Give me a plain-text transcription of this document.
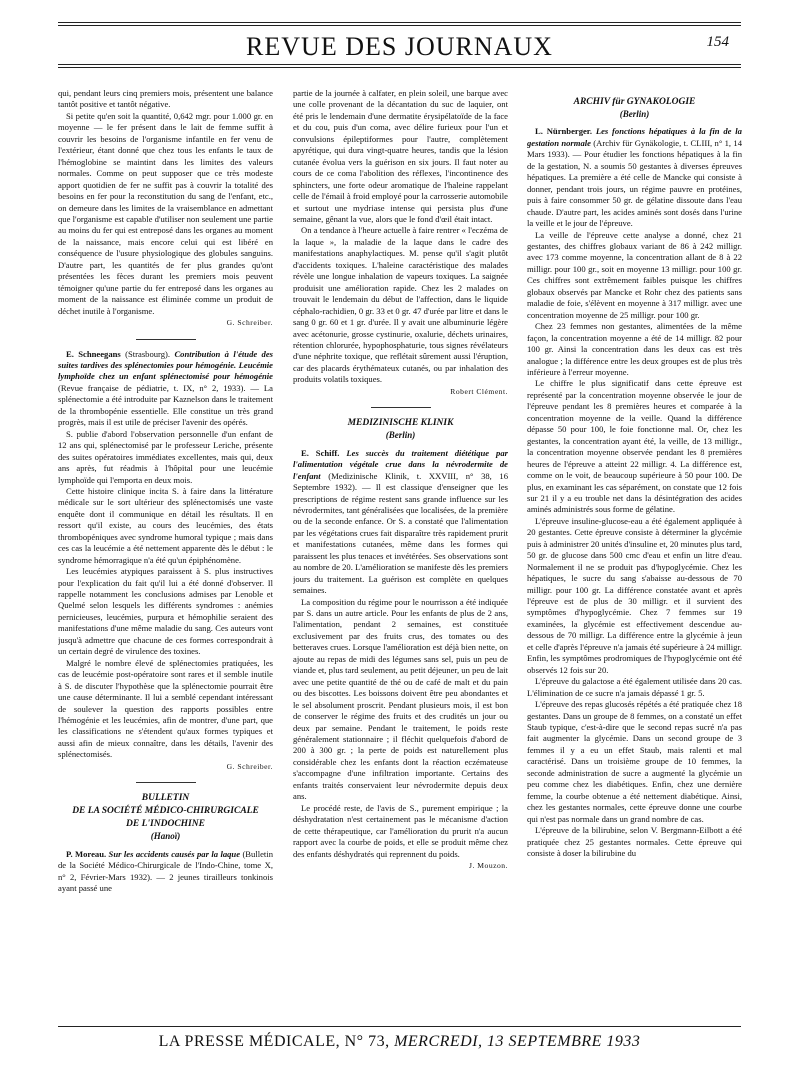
REVUE DES JOURNAUX	154

qui, pendant leurs cinq premiers mois, présentent une balance tantôt positive et tantôt négative.

Si petite qu'en soit la quantité, 0,642 mgr. pour 1.000 gr. en moyenne — le fer présent dans le lait de femme suffit à couvrir les besoins de l'organisme infantile en fer venu de l'extérieur, étant donné que chez tous les enfants le taux de l'hémoglobine se maintint dans les limites des valeurs normales. Comme on peut supposer que ce très modeste apport quotidien de fer ne suffit pas à couvrir la totalité des besoins en fer pour la reconstitution du sang de l'enfant, etc., on demeure dans les limites de la vraisemblance en admettant que l'organisme est capable d'utiliser non seulement une partie au moins du fer qui est entreposé dans les organes au moment de la naissance, mais encore celui qui est libéré en conséquence de l'usure physiologique des globules sanguins. D'autre part, les quantités de fer plus grandes qu'ont présentées les fèces durant les premiers mois peuvent témoigner qu'une partie du fer entreposé dans les organes au moment de la naissance est éliminée comme un produit de déchet inutile à l'organisme.

G. Schreiber.

E. Schneegans (Strasbourg). Contribution à l'étude des suites tardives des splénectomies pour hémogénie. Leucémie lymphoïde chez un enfant splénectomisé pour hémogénie (Revue française de pédiatrie, t. IX, n° 2, 1933). — La splénectomie a été introduite par Kaznelson dans le traitement de la thrombopénie essentielle. Elle constitue un très grand progrès, mais il est utile de préciser l'avenir des opérés.

S. publie d'abord l'observation personnelle d'un enfant de 12 ans qui, splénectomisé par le professeur Leriche, présente des suites opératoires immédiates excellentes, mais qui, deux ans après, fut réadmis à l'hôpital pour une leucémie lymphoïde qui l'emporta en deux mois.

Cette histoire clinique incita S. à faire dans la littérature médicale sur le sort ultérieur des splénectomisés une vaste enquête dont il communique en détail les résultats. Il en ressort qu'il existe, au cours des leucémies, des états thrombopéniques avec syndrome humoral typique ; mais dans ces cas la leucémie a été nettement apparente dès le début : le syndrome hémorragique n'a été qu'un épiphénomène.

Les leucémies atypiques paraissent à S. plus instructives pour l'explication du fait qu'il lui a été donné d'observer. Il rappelle notamment les conclusions admises par Lenoble et Quelmé selon lesquels les différents syndromes : anémies pernicieuses, leucémies, purpura et hémophilie seraient des manifestations d'une même maladie du sang. Ces auteurs vont jusqu'à admettre que chacune de ces formes correspondrait à un certain degré de virulence des toxines.

Malgré le nombre élevé de splénectomies pratiquées, les cas de leucémie post-opératoire sont rares et il semble inutile à S. de discuter l'hypothèse que la splénectomie pourrait être une cause déterminante. Il lui a semblé cependant intéressant de soulever la question des rapports possibles entre l'hémogénie et les leucémies, afin de montrer, d'une part, que les classifications ne s'étendent qu'aux formes typiques et aussi afin de mieux connaître, dans les détails, l'avenir des splénectomisés.

G. Schreiber.
BULLETIN
DE LA SOCIÉTÉ MÉDICO-CHIRURGICALE
DE L'INDOCHINE
(Hanoï)

P. Moreau. Sur les accidents causés par la laque (Bulletin de la Société Médico-Chirurgicale de l'Indo-Chine, tome X, n° 2, Février-Mars 1932). — 2 jeunes tirailleurs tonkinois ayant passé une

partie de la journée à calfater, en plein soleil, une barque avec une colle provenant de la décantation du suc de laquier, ont été pris le lendemain d'une dermatite érysipélatoïde de la face et du cou, puis d'un coma, avec délire furieux pour l'un et convulsions épileptiformes pour l'autre, complètement apyrétique, qui dura vingt-quatre heures, tandis que la lésion cutanée évolua vers la guérison en six jours. Il faut noter au cours de ce coma l'abolition des réflexes, l'incontinence des sphincters, une forte odeur aromatique de l'haleine rappelant celle de l'émail à froid employé pour la carrosserie automobile et surtout une mydriase intense qui persista plus d'une semaine, gênant la vue, alors que le fond d'œil était intact.

On a tendance à l'heure actuelle à faire rentrer « l'eczéma de la laque », la maladie de la laque dans le cadre des manifestations anaphylactiques. M. pense qu'il s'agit plutôt d'accidents toxiques. L'haleine caractéristique des malades révèle une longue inhalation de vapeurs toxiques. La saignée produisit une amélioration rapide. Chez les 2 malades on trouvait le lendemain du début de l'affection, dans le liquide céphalo-rachidien, 0 gr. 33 et 0 gr. 47 d'urée par litre et dans le sang 0 gr. 60 et 1 gr. d'urée. Il y avait une albuminurie légère avec acétonurie, grosse cystinurie, oxalurie, déchets urinaires, rétention chlorurée, hypophosphaturie, tous signes révélateurs d'une néphrite toxique, que reflétait sûrement aussi l'éruption, car des placards érythémateux cutanés, ou par inhalation des produits volatils toxiques.

Robert Clément.
MEDIZINISCHE KLINIK
(Berlin)

E. Schiff. Les succès du traitement diététique par l'alimentation végétale crue dans la névrodermite de l'enfant (Medizinische Klinik, t. XXVIII, n° 38, 16 Septembre 1932). — Il est classique d'enseigner que les prescriptions de régime restent sans grande influence sur les névrodermites, tant généralisées que localisées, de la première ou de la seconde enfance. Or S. a constaté que l'alimentation par les végétations crues fait disparaître très rapidement prurit et manifestations cutanées, même dans les formes qui paraissent les plus tenaces et invétérées. Ses observations sont au nombre de 20. L'amélioration se manifeste dès les premiers jours du traitement. La guérison est complète en quelques semaines.

La composition du régime pour le nourrisson a été indiquée par S. dans un autre article. Pour les enfants de plus de 2 ans, l'alimentation, pendant 2 semaines, est constituée exclusivement par des fruits crus, des tomates ou des betteraves crues. Lorsque l'amélioration est déjà bien nette, on ajoute au repas de midi des légumes sans sel, puis un peu de viande et, plus tard seulement, au petit déjeuner, un peu de lait avec une petite quantité de thé ou de café de malt et du pain ou des biscottes. Les boissons doivent être peu abondantes et le sel absolument proscrit. Pendant plusieurs mois, il est bon de conserver le régime des fruits et des crudités un jour ou deux par semaine. Pendant le traitement, le poids reste généralement stationnaire ; il fléchit quelquefois d'abord de 200 à 300 gr. ; la perte de poids est naturellement plus considérable chez les enfants dont la réaction eczémateuse s'accompagne d'une infiltration importante. Certains des enfants traités conservaient leur névrodermite depuis deux ans.

Le procédé reste, de l'avis de S., purement empirique ; la déshydratation n'est certainement pas le mécanisme d'action de cette thérapeutique, car l'amélioration du prurit n'a aucun rapport avec la courbe de poids, et elle se produit même chez des enfants déshydratés qui reprennent du poids.

J. Mouzon.
ARCHIV für GYNAKOLOGIE
(Berlin)

L. Nürnberger. Les fonctions hépatiques à la fin de la gestation normale (Archiv für Gynäkologie, t. CLIII, n° 1, 14 Mars 1933). — Pour étudier les fonctions hépatiques à la fin de la gestation, N. a soumis 50 gestantes à diverses épreuves hépatiques. La première a été celle de Mancke qui consiste à donner, pendant trois jours, un régime pauvre en protéines, puis à faire consommer 50 gr. de gélatine dissoute dans l'eau chaude. D'autre part, les acides aminés sont dosés dans l'urine la veille et le jour de l'épreuve.

La veille de l'épreuve cette analyse a donné, chez 21 gestantes, des chiffres globaux variant de 86 à 242 milligr. avec 173 comme moyenne, la concentration allant de 8 à 22 milligr. pour 100 gr., soit en moyenne 13 milligr. pour 100 gr. Ces chiffres sont extrêmement faibles puisque les chiffres globaux observés par Mancke et Rohr chez des patients sans maladie de foie, s'élèvent en moyenne à 317 milligr. avec une concentration moyenne de 25 milligr. pour 100 gr.

Chez 23 femmes non gestantes, alimentées de la même façon, la concentration moyenne a été de 14 milligr. 82 pour 100 gr. Ainsi la concentration dans les deux cas est très analogue ; la différence entre les deux groupes est de plus très inférieure à l'erreur moyenne.

Le chiffre le plus significatif dans cette épreuve est représenté par la concentration moyenne observée le jour de l'épreuve pendant les 8 premières heures et comparée à la concentration moyenne de la veille. Quand la différence dépasse 50 pour 100, le foie fonctionne mal. Or, chez les gestantes, la concentration ayant été, la veille, de 13 milligr., la concentration moyenne observée pendant les 8 premières heures de l'épreuve a atteint 22 milligr. 4. La différence est, comme on le voit, de beaucoup supérieure à 50 pour 100. De plus, en examinant les cas séparément, on constate que 12 fois sur 21 il y a eu trouble net dans la désintégration des acides aminés administrés sous forme de gélatine.

L'épreuve insuline-glucose-eau a été également appliquée à 20 gestantes. Cette épreuve consiste à déterminer la glycémie puis à administrer 20 unités d'insuline et, 20 minutes plus tard, 50 gr. de glucose dans 500 cmc d'eau et enfin un litre d'eau. Normalement il ne se produit pas d'hypoglycémie. Chez les hépatiques, le sucre du sang s'abaisse au-dessous de 70 milligr. pour 100 gr. La différence constatée avant et après l'épreuve est de plus de 30 milligr. et il survient des symptômes d'hypoglycémie. Chez 7 femmes sur 19 examinées, la glycémie est effectivement descendue au-dessous de 70 milligr. La différence entre la glycémie à jeun et celle d'après l'épreuve n'a jamais été supérieure à 24 milligr. Enfin, les symptômes prodromiques de l'hypoglycémie ont été observés 12 fois sur 20.

L'épreuve du galactose a été également utilisée dans 20 cas. L'élimination de ce sucre n'a jamais dépassé 1 gr. 5.

L'épreuve des repas glucosés répétés a été pratiquée chez 18 gestantes. Dans un groupe de 8 femmes, on a constaté un effet Staub typique, c'est-à-dire que le second repas sucré n'a pas fait augmenter la glycémie. Dans un second groupe de 3 femmes il y a eu un effet Staub, mais ralenti et mal caractérisé. Dans un troisième groupe de 10 femmes, la seconde administration de sucre a augmenté la glycémie un peu comme chez les diabétiques. Enfin, chez une dernière femme, la courbe obtenue a été nettement diabétique. Ainsi, chez les gestantes normales, cette épreuve donne une courbe qui n'est pas normale dans un grand nombre de cas.

L'épreuve de la bilirubine, selon V. Bergmann-Eilbott a été pratiquée chez 25 gestantes normales. Cette épreuve qui consiste à doser la bilirubine du

LA PRESSE MÉDICALE, N° 73, MERCREDI, 13 SEPTEMBRE 1933
